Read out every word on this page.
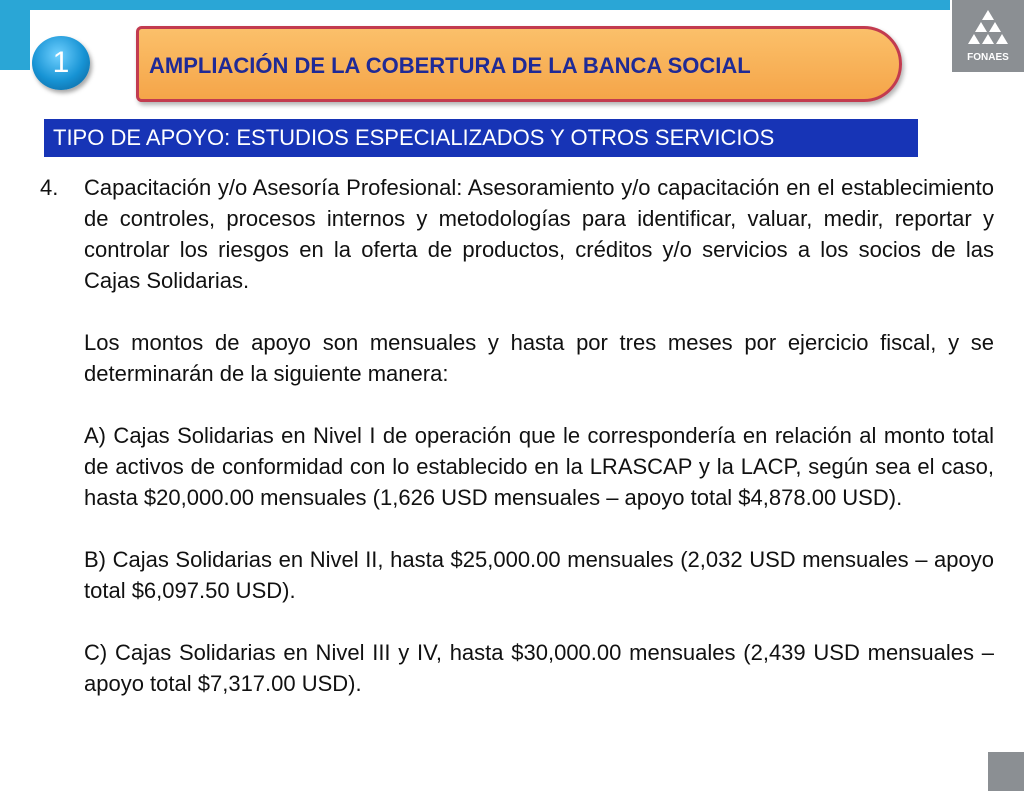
FONAES
1	AMPLIACIÓN DE LA COBERTURA DE LA BANCA SOCIAL
TIPO DE APOYO: ESTUDIOS ESPECIALIZADOS Y OTROS SERVICIOS
4. Capacitación y/o Asesoría Profesional: Asesoramiento y/o capacitación en el establecimiento de controles, procesos internos y metodologías para identificar, valuar, medir, reportar y controlar los riesgos en la oferta de productos, créditos y/o servicios a los socios de las Cajas Solidarias.

Los montos de apoyo son mensuales y hasta por tres meses por ejercicio fiscal, y se determinarán de la siguiente manera:

A) Cajas Solidarias en Nivel I de operación que le correspondería en relación al monto total de activos de conformidad con lo establecido en la LRASCAP y la LACP, según sea el caso, hasta $20,000.00 mensuales (1,626 USD mensuales – apoyo total $4,878.00 USD).

B) Cajas Solidarias en Nivel II, hasta $25,000.00 mensuales (2,032 USD mensuales – apoyo total $6,097.50 USD).

C) Cajas Solidarias en Nivel III y IV, hasta $30,000.00 mensuales (2,439 USD mensuales – apoyo total $7,317.00 USD).
